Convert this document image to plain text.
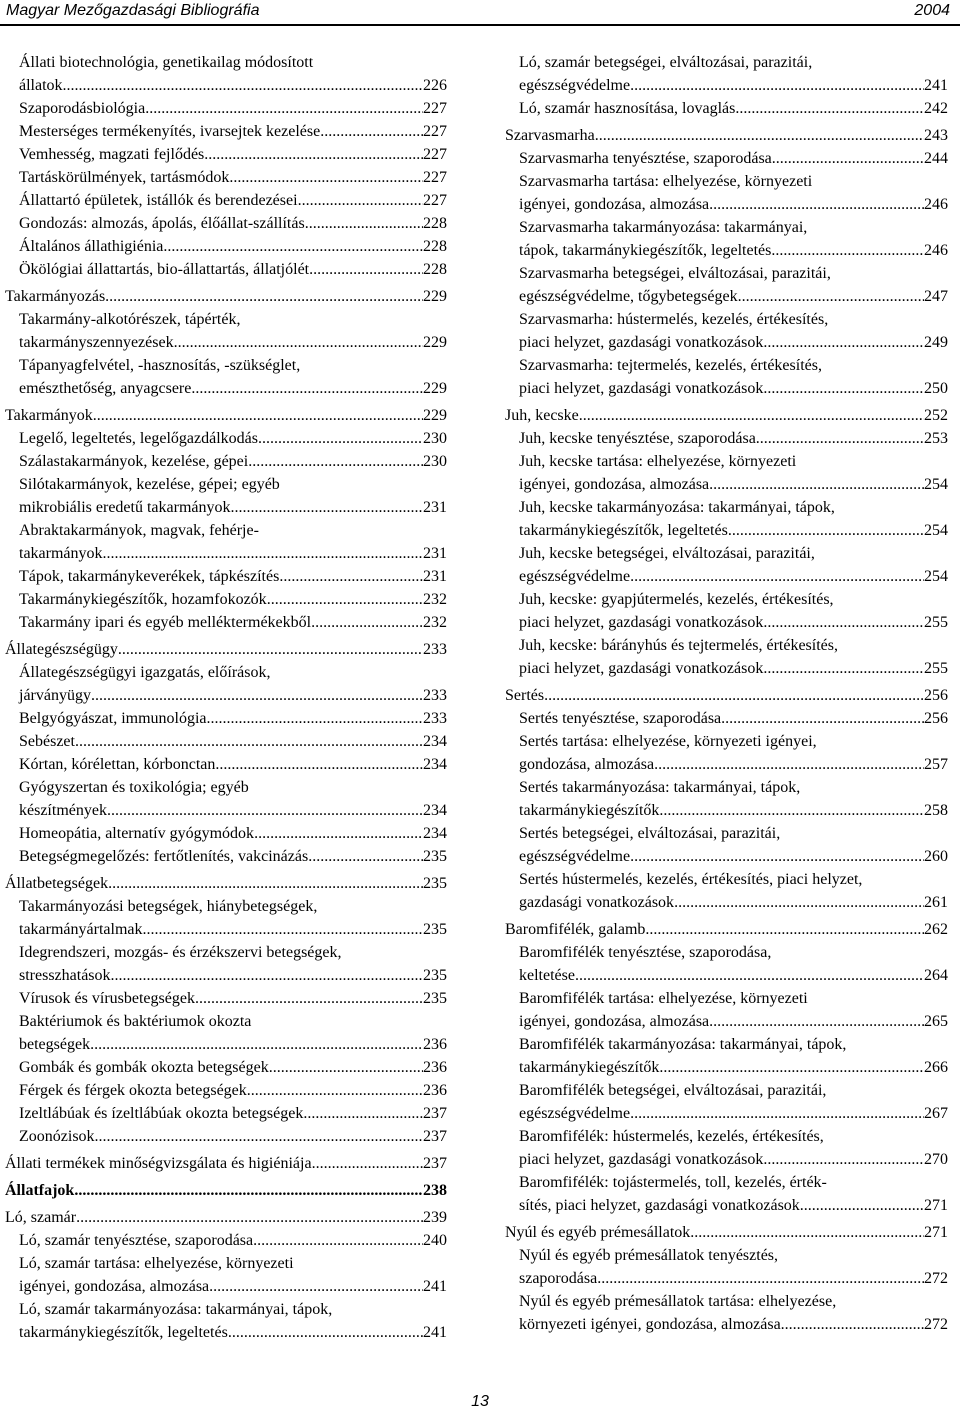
Magyar Mezőgazdasági Bibliográfia	2004
Állati biotechnológia, genetikailag módosított
állatok .....	226
Szaporodásbiológia .....	227
Mesterséges termékenyítés, ivarsejtek kezelése .....	227
Vemhesség, magzati fejlődés .....	227
Tartáskörülmények, tartásmódok .....	227
Állattartó épületek, istállók és berendezései .....	227
Gondozás: almozás, ápolás, élőállat-szállítás .....	228
Általános állathigiénia .....	228
Ökölógiai állattartás, bio-állattartás, állatjólét .....	228
Takarmányozás .....	229
Takarmány-alkotórészek, tápérték,
takarmányszennyezések .....	229
Tápanyagfelvétel, -hasznosítás, -szükséglet,
emészthetőség, anyagcsere .....	229
Takarmányok .....	229
Legelő, legeltetés, legelőgazdálkodás .....	230
Szálastakarmányok, kezelése, gépei .....	230
Silótakarmányok, kezelése, gépei; egyéb
mikrobiális eredetű takarmányok .....	231
Abraktakarmányok, magvak, fehérje-
takarmányok .....	231
Tápok, takarmánykeverékek, tápkészítés .....	231
Takarmánykiegészítők, hozamfokozók .....	232
Takarmány ipari és egyéb melléktermékekből .....	232
Állategészségügy .....	233
Állategészségügyi igazgatás, előírások,
járványügy .....	233
Belgyógyászat, immunológia .....	233
Sebészet .....	234
Kórtan, kórélettan, kórbonctan .....	234
Gyógyszertan és toxikológia; egyéb
készítmények .....	234
Homeopátia, alternatív gyógymódok .....	234
Betegségmegelőzés: fertőtlenítés, vakcinázás .....	235
Állatbetegségek .....	235
Takarmányozási betegségek, hiánybetegségek,
takarmányártalmak .....	235
Idegrendszeri, mozgás- és érzékszervi betegségek,
stresszhatások .....	235
Vírusok és vírusbetegségek .....	235
Baktériumok és baktériumok okozta
betegségek .....	236
Gombák és gombák okozta betegségek .....	236
Férgek és férgek okozta betegségek .....	236
Izeltlábúak és ízeltlábúak okozta betegségek .....	237
Zoonózisok .....	237
Állati termékek minőségvizsgálata és higiéniája .....	237
Állatfajok .....	238
Ló, szamár .....	239
Ló, szamár tenyésztése, szaporodása .....	240
Ló, szamár tartása: elhelyezése, környezeti
igényei, gondozása, almozása .....	241
Ló, szamár takarmányozása: takarmányai, tápok,
takarmánykiegészítők, legeltetés .....	241
Ló, szamár betegségei, elváltozásai, parazitái,
egészségvédelme .....	241
Ló, szamár hasznosítása, lovaglás .....	242
Szarvasmarha .....	243
Szarvasmarha tenyésztése, szaporodása .....	244
Szarvasmarha tartása: elhelyezése, környezeti
igényei, gondozása, almozása .....	246
Szarvasmarha takarmányozása: takarmányai,
tápok, takarmánykiegészítők, legeltetés .....	246
Szarvasmarha betegségei, elváltozásai, parazitái,
egészségvédelme, tőgybetegségek .....	247
Szarvasmarha: hústermelés, kezelés, értékesítés,
piaci helyzet, gazdasági vonatkozások .....	249
Szarvasmarha: tejtermelés, kezelés, értékesítés,
piaci helyzet, gazdasági vonatkozások .....	250
Juh, kecske .....	252
Juh, kecske tenyésztése, szaporodása .....	253
Juh, kecske tartása: elhelyezése, környezeti
igényei, gondozása, almozása .....	254
Juh, kecske takarmányozása: takarmányai, tápok,
takarmánykiegészítők, legeltetés .....	254
Juh, kecske betegségei, elváltozásai, parazitái,
egészségvédelme .....	254
Juh, kecske: gyapjútermelés, kezelés, értékesítés,
piaci helyzet, gazdasági vonatkozások .....	255
Juh, kecske: bárányhús és tejtermelés, értékesítés,
piaci helyzet, gazdasági vonatkozások .....	255
Sertés .....	256
Sertés tenyésztése, szaporodása .....	256
Sertés tartása: elhelyezése, környezeti igényei,
gondozása, almozása .....	257
Sertés takarmányozása: takarmányai, tápok,
takarmánykiegészítők .....	258
Sertés betegségei, elváltozásai, parazitái,
egészségvédelme .....	260
Sertés hústermelés, kezelés, értékesítés, piaci helyzet,
gazdasági vonatkozások .....	261
Baromfifélék, galamb .....	262
Baromfifélék tenyésztése, szaporodása,
keltetése .....	264
Baromfifélék tartása: elhelyezése, környezeti
igényei, gondozása, almozása .....	265
Baromfifélék takarmányozása: takarmányai, tápok,
takarmánykiegészítők .....	266
Baromfifélék betegségei, elváltozásai, parazitái,
egészségvédelme .....	267
Baromfifélék: hústermelés, kezelés, értékesítés,
piaci helyzet, gazdasági vonatkozások .....	270
Baromfifélék: tojástermelés, toll, kezelés, érték-
sítés, piaci helyzet, gazdasági vonatkozások .....	271
Nyúl és egyéb prémesállatok .....	271
Nyúl és egyéb prémesállatok tenyésztés,
szaporodása .....	272
Nyúl és egyéb prémesállatok tartása: elhelyezése,
környezeti igényei, gondozása, almozása .....	272
13
